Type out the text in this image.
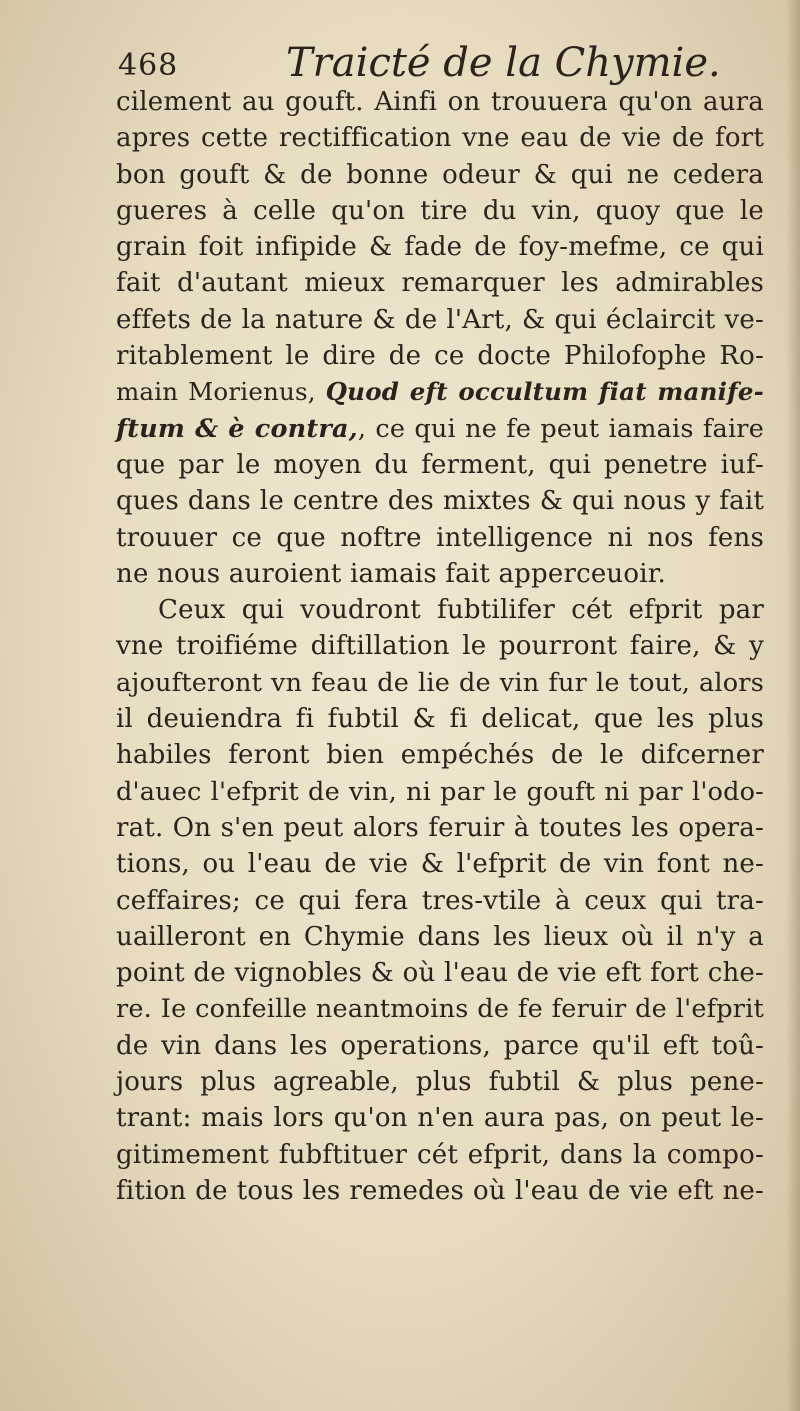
468	Traicté de la Chymie.
cilement au gouft. Ainfi on trouuera qu'on aura
apres cette rectiffication vne eau de vie de fort
bon gouft & de bonne odeur & qui ne cedera
gueres à celle qu'on tire du vin, quoy que le
grain foit infipide & fade de foy-mefme, ce qui
fait d'autant mieux remarquer les admirables
effets de la nature & de l'Art, & qui éclaircit ve-
ritablement le dire de ce docte Philofophe Ro-
main Morienus, Quod eft occultum fiat manife-
ftum & è contra,, ce qui ne fe peut iamais faire
que par le moyen du ferment, qui penetre iuf-
ques dans le centre des mixtes & qui nous y fait
trouuer ce que noftre intelligence ni nos fens
ne nous auroient iamais fait apperceuoir.
Ceux qui voudront fubtilifer cét efprit par
vne troifiéme diftillation le pourront faire, & y
ajoufteront vn feau de lie de vin fur le tout, alors
il deuiendra fi fubtil & fi delicat, que les plus
habiles feront bien empéchés de le difcerner
d'auec l'efprit de vin, ni par le gouft ni par l'odo-
rat. On s'en peut alors feruir à toutes les opera-
tions, ou l'eau de vie & l'efprit de vin font ne-
ceffaires; ce qui fera tres-vtile à ceux qui tra-
uailleront en Chymie dans les lieux où il n'y a
point de vignobles & où l'eau de vie eft fort che-
re. Ie confeille neantmoins de fe feruir de l'efprit
de vin dans les operations, parce qu'il eft toû-
jours plus agreable, plus fubtil & plus pene-
trant: mais lors qu'on n'en aura pas, on peut le-
gitimement fubftituer cét efprit, dans la compo-
fition de tous les remedes où l'eau de vie eft ne-
